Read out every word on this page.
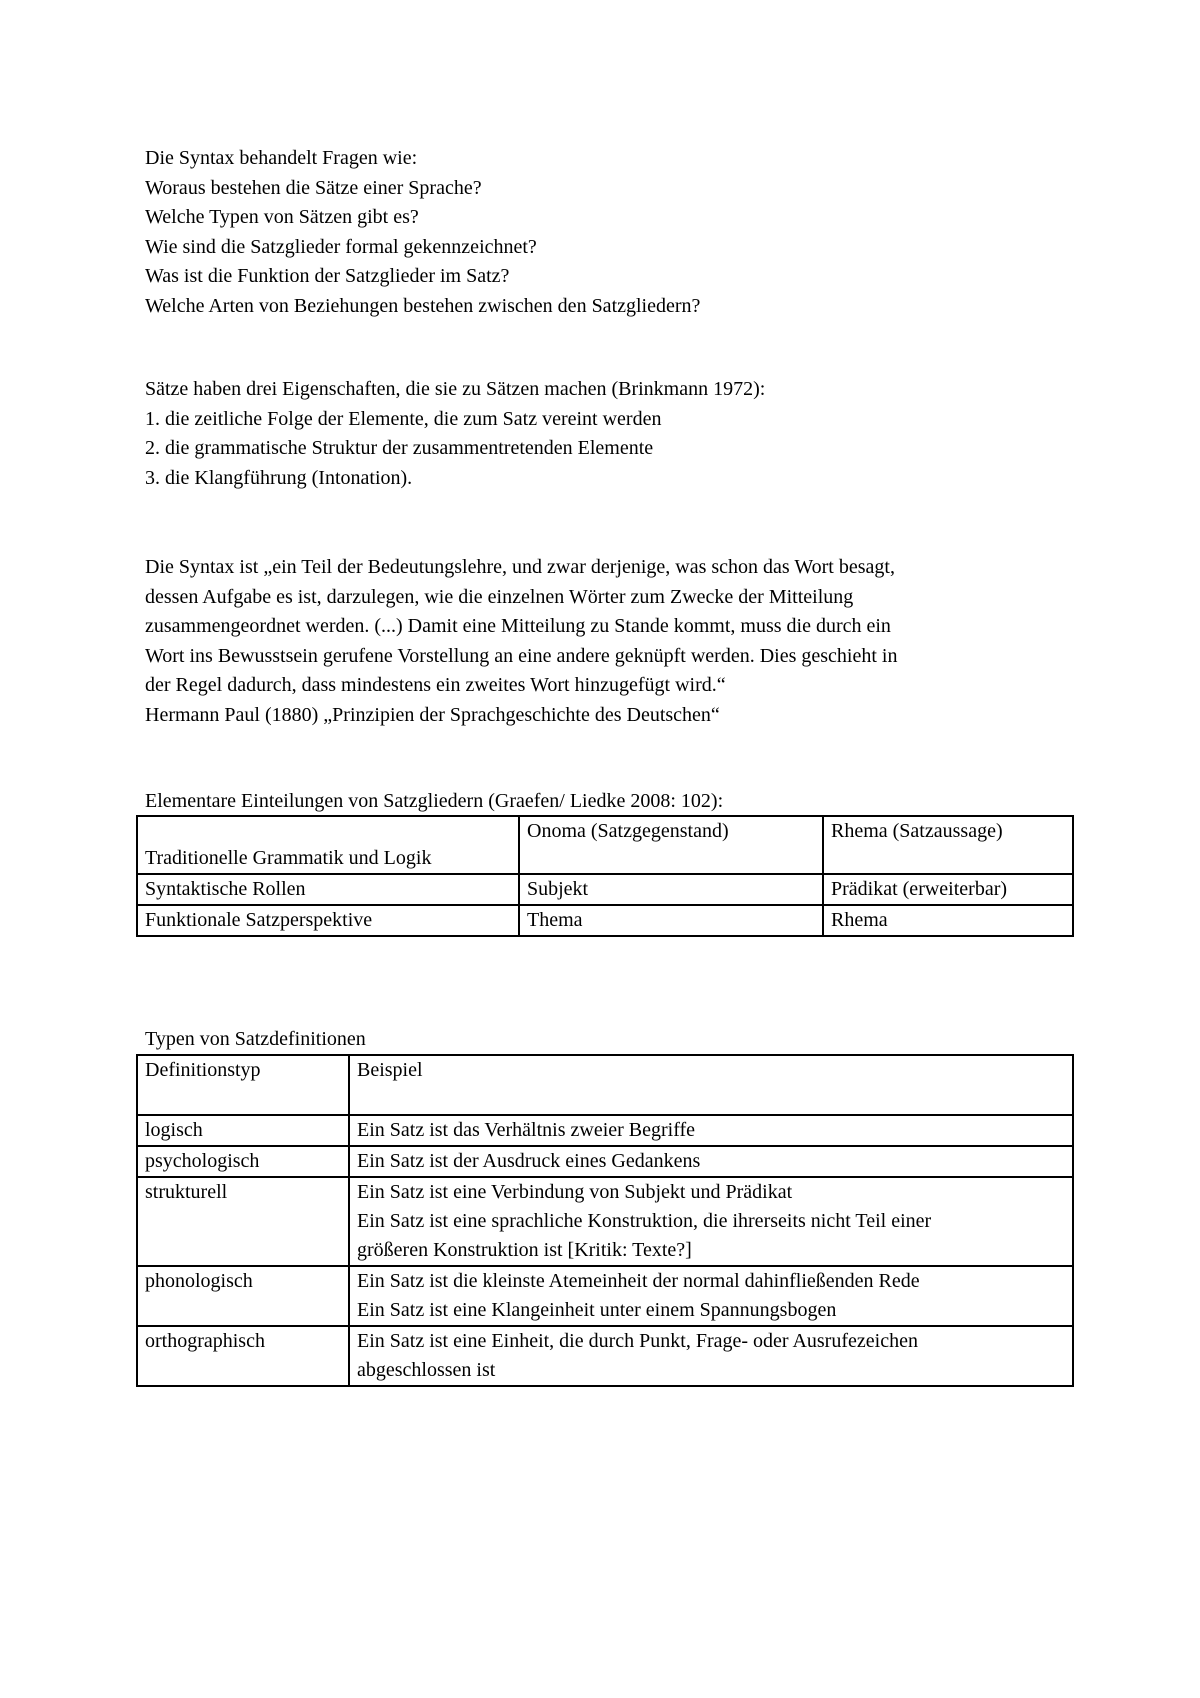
Die Syntax behandelt Fragen wie:

Woraus bestehen die Sätze einer Sprache?

Welche Typen von Sätzen gibt es?

Wie sind die Satzglieder formal gekennzeichnet?

Was ist die Funktion der Satzglieder im Satz?

Welche Arten von Beziehungen bestehen zwischen den Satzgliedern?

Sätze haben drei Eigenschaften, die sie zu Sätzen machen (Brinkmann 1972):

1. die zeitliche Folge der Elemente, die zum Satz vereint werden

2. die grammatische Struktur der zusammentretenden Elemente

3. die Klangführung (Intonation).

Die Syntax ist „ein Teil der Bedeutungslehre, und zwar derjenige, was schon das Wort besagt,

dessen Aufgabe es ist, darzulegen, wie die einzelnen Wörter zum Zwecke der Mitteilung

zusammengeordnet werden. (...) Damit eine Mitteilung zu Stande kommt, muss die durch ein

Wort ins Bewusstsein gerufene Vorstellung an eine andere geknüpft werden. Dies geschieht in

der Regel dadurch, dass mindestens ein zweites Wort hinzugefügt wird.“

Hermann Paul (1880) „Prinzipien der Sprachgeschichte des Deutschen“

Elementare Einteilungen von Satzgliedern (Graefen/ Liedke 2008: 102):
Traditionelle Grammatik und Logik	Onoma (Satzgegenstand)	Rhema (Satzaussage)
Syntaktische Rollen	Subjekt	Prädikat (erweiterbar)
Funktionale Satzperspektive	Thema	Rhema
Typen von Satzdefinitionen
Definitionstyp	Beispiel
logisch	Ein Satz ist das Verhältnis zweier Begriffe

psychologisch	Ein Satz ist der Ausdruck eines Gedankens

strukturell	Ein Satz ist eine Verbindung von Subjekt und Prädikat
Ein Satz ist eine sprachliche Konstruktion, die ihrerseits nicht Teil einer
größeren Konstruktion ist [Kritik: Texte?]

phonologisch	Ein Satz ist die kleinste Atemeinheit der normal dahinfließenden Rede
Ein Satz ist eine Klangeinheit unter einem Spannungsbogen

orthographisch	Ein Satz ist eine Einheit, die durch Punkt, Frage- oder Ausrufezeichen
abgeschlossen ist
